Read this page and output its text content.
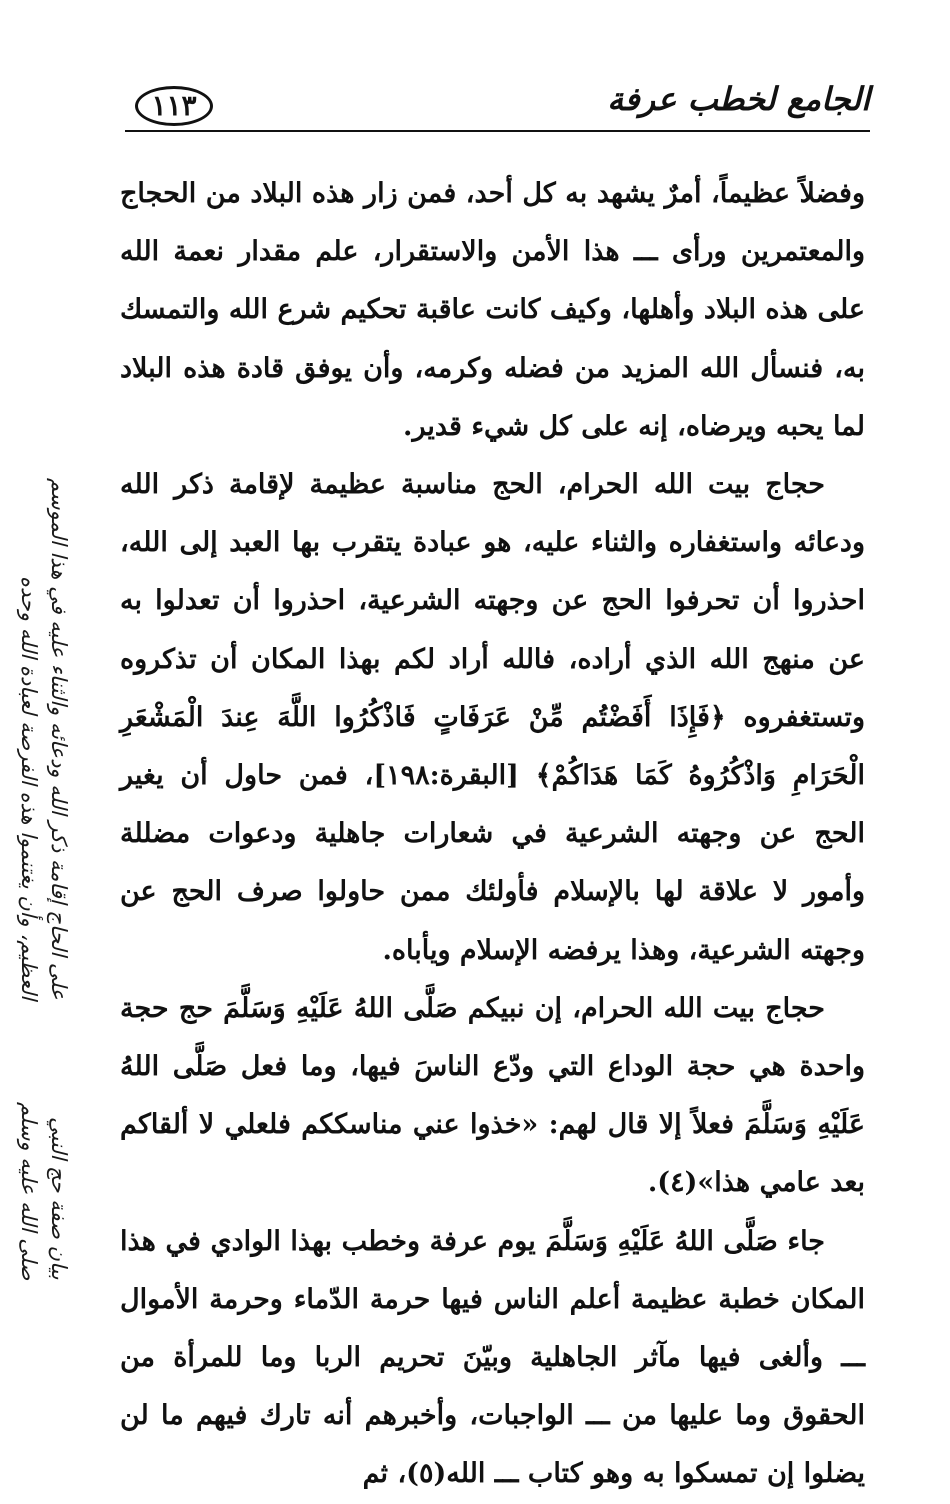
١١٣	الجامع لخطب عرفة

وفضلاً عظيماً، أمرٌ يشهد به كل أحد، فمن زار هذه البلاد من الحجاج والمعتمرين ورأى ـــ هذا الأمن والاستقرار، علم مقدار نعمة الله على هذه البلاد وأهلها، وكيف كانت عاقبة تحكيم شرع الله والتمسك به، فنسأل الله المزيد من فضله وكرمه، وأن يوفق قادة هذه البلاد لما يحبه ويرضاه، إنه على كل شيء قدير.

حجاج بيت الله الحرام، الحج مناسبة عظيمة لإقامة ذكر الله ودعائه واستغفاره والثناء عليه، هو عبادة يتقرب بها العبد إلى الله، احذروا أن تحرفوا الحج عن وجهته الشرعية، احذروا أن تعدلوا به عن منهج الله الذي أراده، فالله أراد لكم بهذا المكان أن تذكروه وتستغفروه ﴿فَإِذَا أَفَضْتُم مِّنْ عَرَفَاتٍ فَاذْكُرُوا اللَّهَ عِندَ الْمَشْعَرِ الْحَرَامِ وَاذْكُرُوهُ كَمَا هَدَاكُمْ﴾ [البقرة:١٩٨]، فمن حاول أن يغير الحج عن وجهته الشرعية في شعارات جاهلية ودعوات مضللة وأمور لا علاقة لها بالإسلام فأولئك ممن حاولوا صرف الحج عن وجهته الشرعية، وهذا يرفضه الإسلام ويأباه.

حجاج بيت الله الحرام، إن نبيكم صَلَّى اللهُ عَلَيْهِ وَسَلَّمَ حج حجة واحدة هي حجة الوداع التي ودّع الناسَ فيها، وما فعل صَلَّى اللهُ عَلَيْهِ وَسَلَّمَ فعلاً إلا قال لهم: «خذوا عني مناسككم فلعلي لا ألقاكم بعد عامي هذا»(٤).

جاء صَلَّى اللهُ عَلَيْهِ وَسَلَّمَ يوم عرفة وخطب بهذا الوادي في هذا المكان خطبة عظيمة أعلم الناس فيها حرمة الدّماء وحرمة الأموال ـــ وألغى فيها مآثر الجاهلية وبيّنَ تحريم الربا وما للمرأة من الحقوق وما عليها من ـــ الواجبات، وأخبرهم أنه تارك فيهم ما لن يضلوا إن تمسكوا به وهو كتاب ـــ الله(٥)، ثم

على الحاج إقامة ذكر الله ودعائه والثناء عليه في هذا الموسم
العظيم، وأن يغتنموا هذه الفرصة لعبادة الله وحده
بيان صفة حج النبي
صلى الله عليه وسلم
